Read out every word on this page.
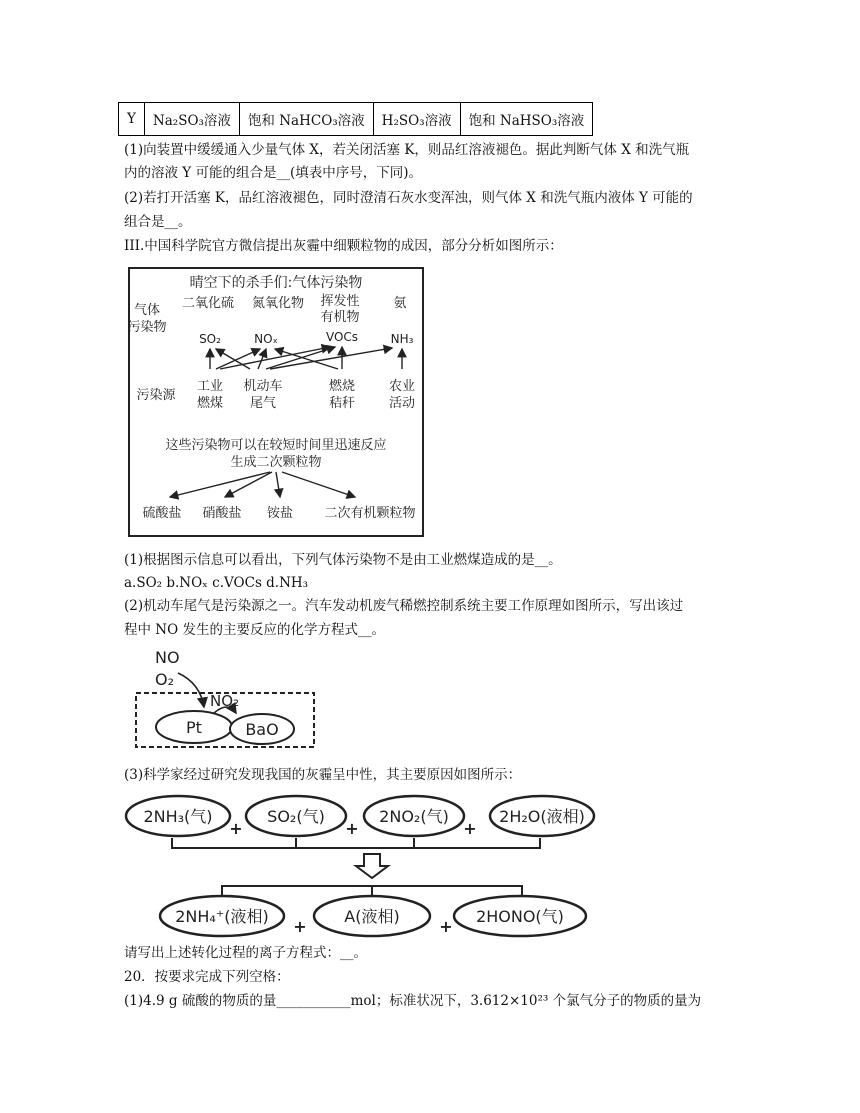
Y	Na₂SO₃溶液	饱和 NaHCO₃溶液	H₂SO₃溶液	饱和 NaHSO₃溶液
(1)向装置中缓缓通入少量气体 X，若关闭活塞 K，则品红溶液褪色。据此判断气体 X 和洗气瓶
内的溶液 Y 可能的组合是__(填表中序号，下同)。
(2)若打开活塞 K，品红溶液褪色，同时澄清石灰水变浑浊，则气体 X 和洗气瓶内液体 Y 可能的
组合是__。
III.中国科学院官方微信提出灰霾中细颗粒物的成因，部分分析如图所示：
晴空下的杀手们:气体污染物
气体
污染物
二氧化硫 氮氧化物 挥发性
有机物
氨
SO₂	NOₓ	VOCs	NH₃
污染源
工业
燃煤
机动车
尾气
燃烧
秸秆
农业
活动
这些污染物可以在较短时间里迅速反应
生成二次颗粒物
硫酸盐 硝酸盐 铵盐 二次有机颗粒物
(1)根据图示信息可以看出，下列气体污染物不是由工业燃煤造成的是__。
a.SO₂ b.NOₓ c.VOCs d.NH₃
(2)机动车尾气是污染源之一。汽车发动机废气稀燃控制系统主要工作原理如图所示，写出该过
程中 NO 发生的主要反应的化学方程式__。
NO
O₂
NO₂
Pt	BaO
(3)科学家经过研究发现我国的灰霾呈中性，其主要原因如图所示：
2NH₃(气)	SO₂(气)	2NO₂(气)	2H₂O(液相)
+	+	+
2NH₄⁺(液相)	A(液相)	2HONO(气)
+	+
请写出上述转化过程的离子方程式：__。
20．按要求完成下列空格：
(1)4.9 g 硫酸的物质的量___________mol；标准状况下，3.612×10²³ 个氯气分子的物质的量为
